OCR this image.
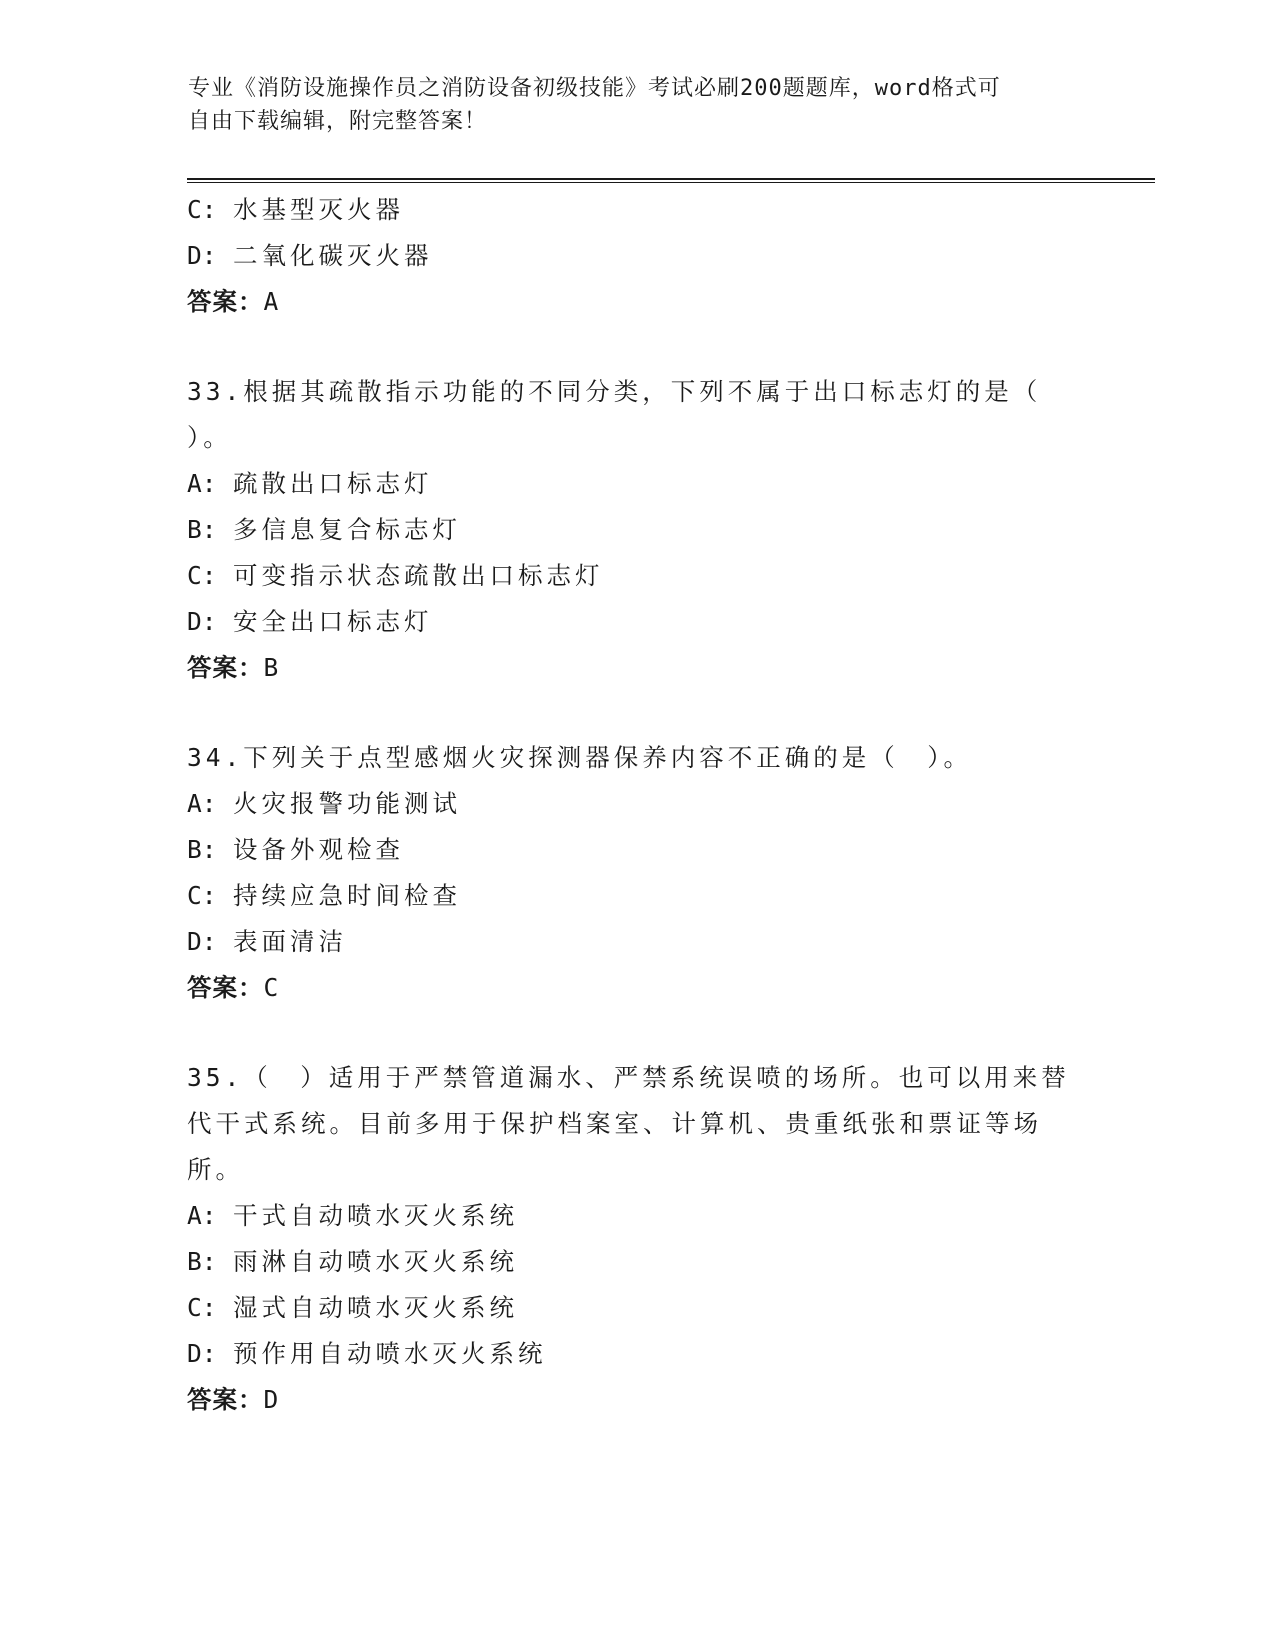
专业《消防设施操作员之消防设备初级技能》考试必刷200题题库，word格式可
自由下载编辑，附完整答案！
C: 水基型灭火器
D: 二氧化碳灭火器
答案：A
33.根据其疏散指示功能的不同分类，下列不属于出口标志灯的是（
）。
A: 疏散出口标志灯
B: 多信息复合标志灯
C: 可变指示状态疏散出口标志灯
D: 安全出口标志灯
答案：B
34.下列关于点型感烟火灾探测器保养内容不正确的是（　）。
A: 火灾报警功能测试
B: 设备外观检查
C: 持续应急时间检查
D: 表面清洁
答案：C
35.（　）适用于严禁管道漏水、严禁系统误喷的场所。也可以用来替
代干式系统。目前多用于保护档案室、计算机、贵重纸张和票证等场
所。
A: 干式自动喷水灭火系统
B: 雨淋自动喷水灭火系统
C: 湿式自动喷水灭火系统
D: 预作用自动喷水灭火系统
答案：D
